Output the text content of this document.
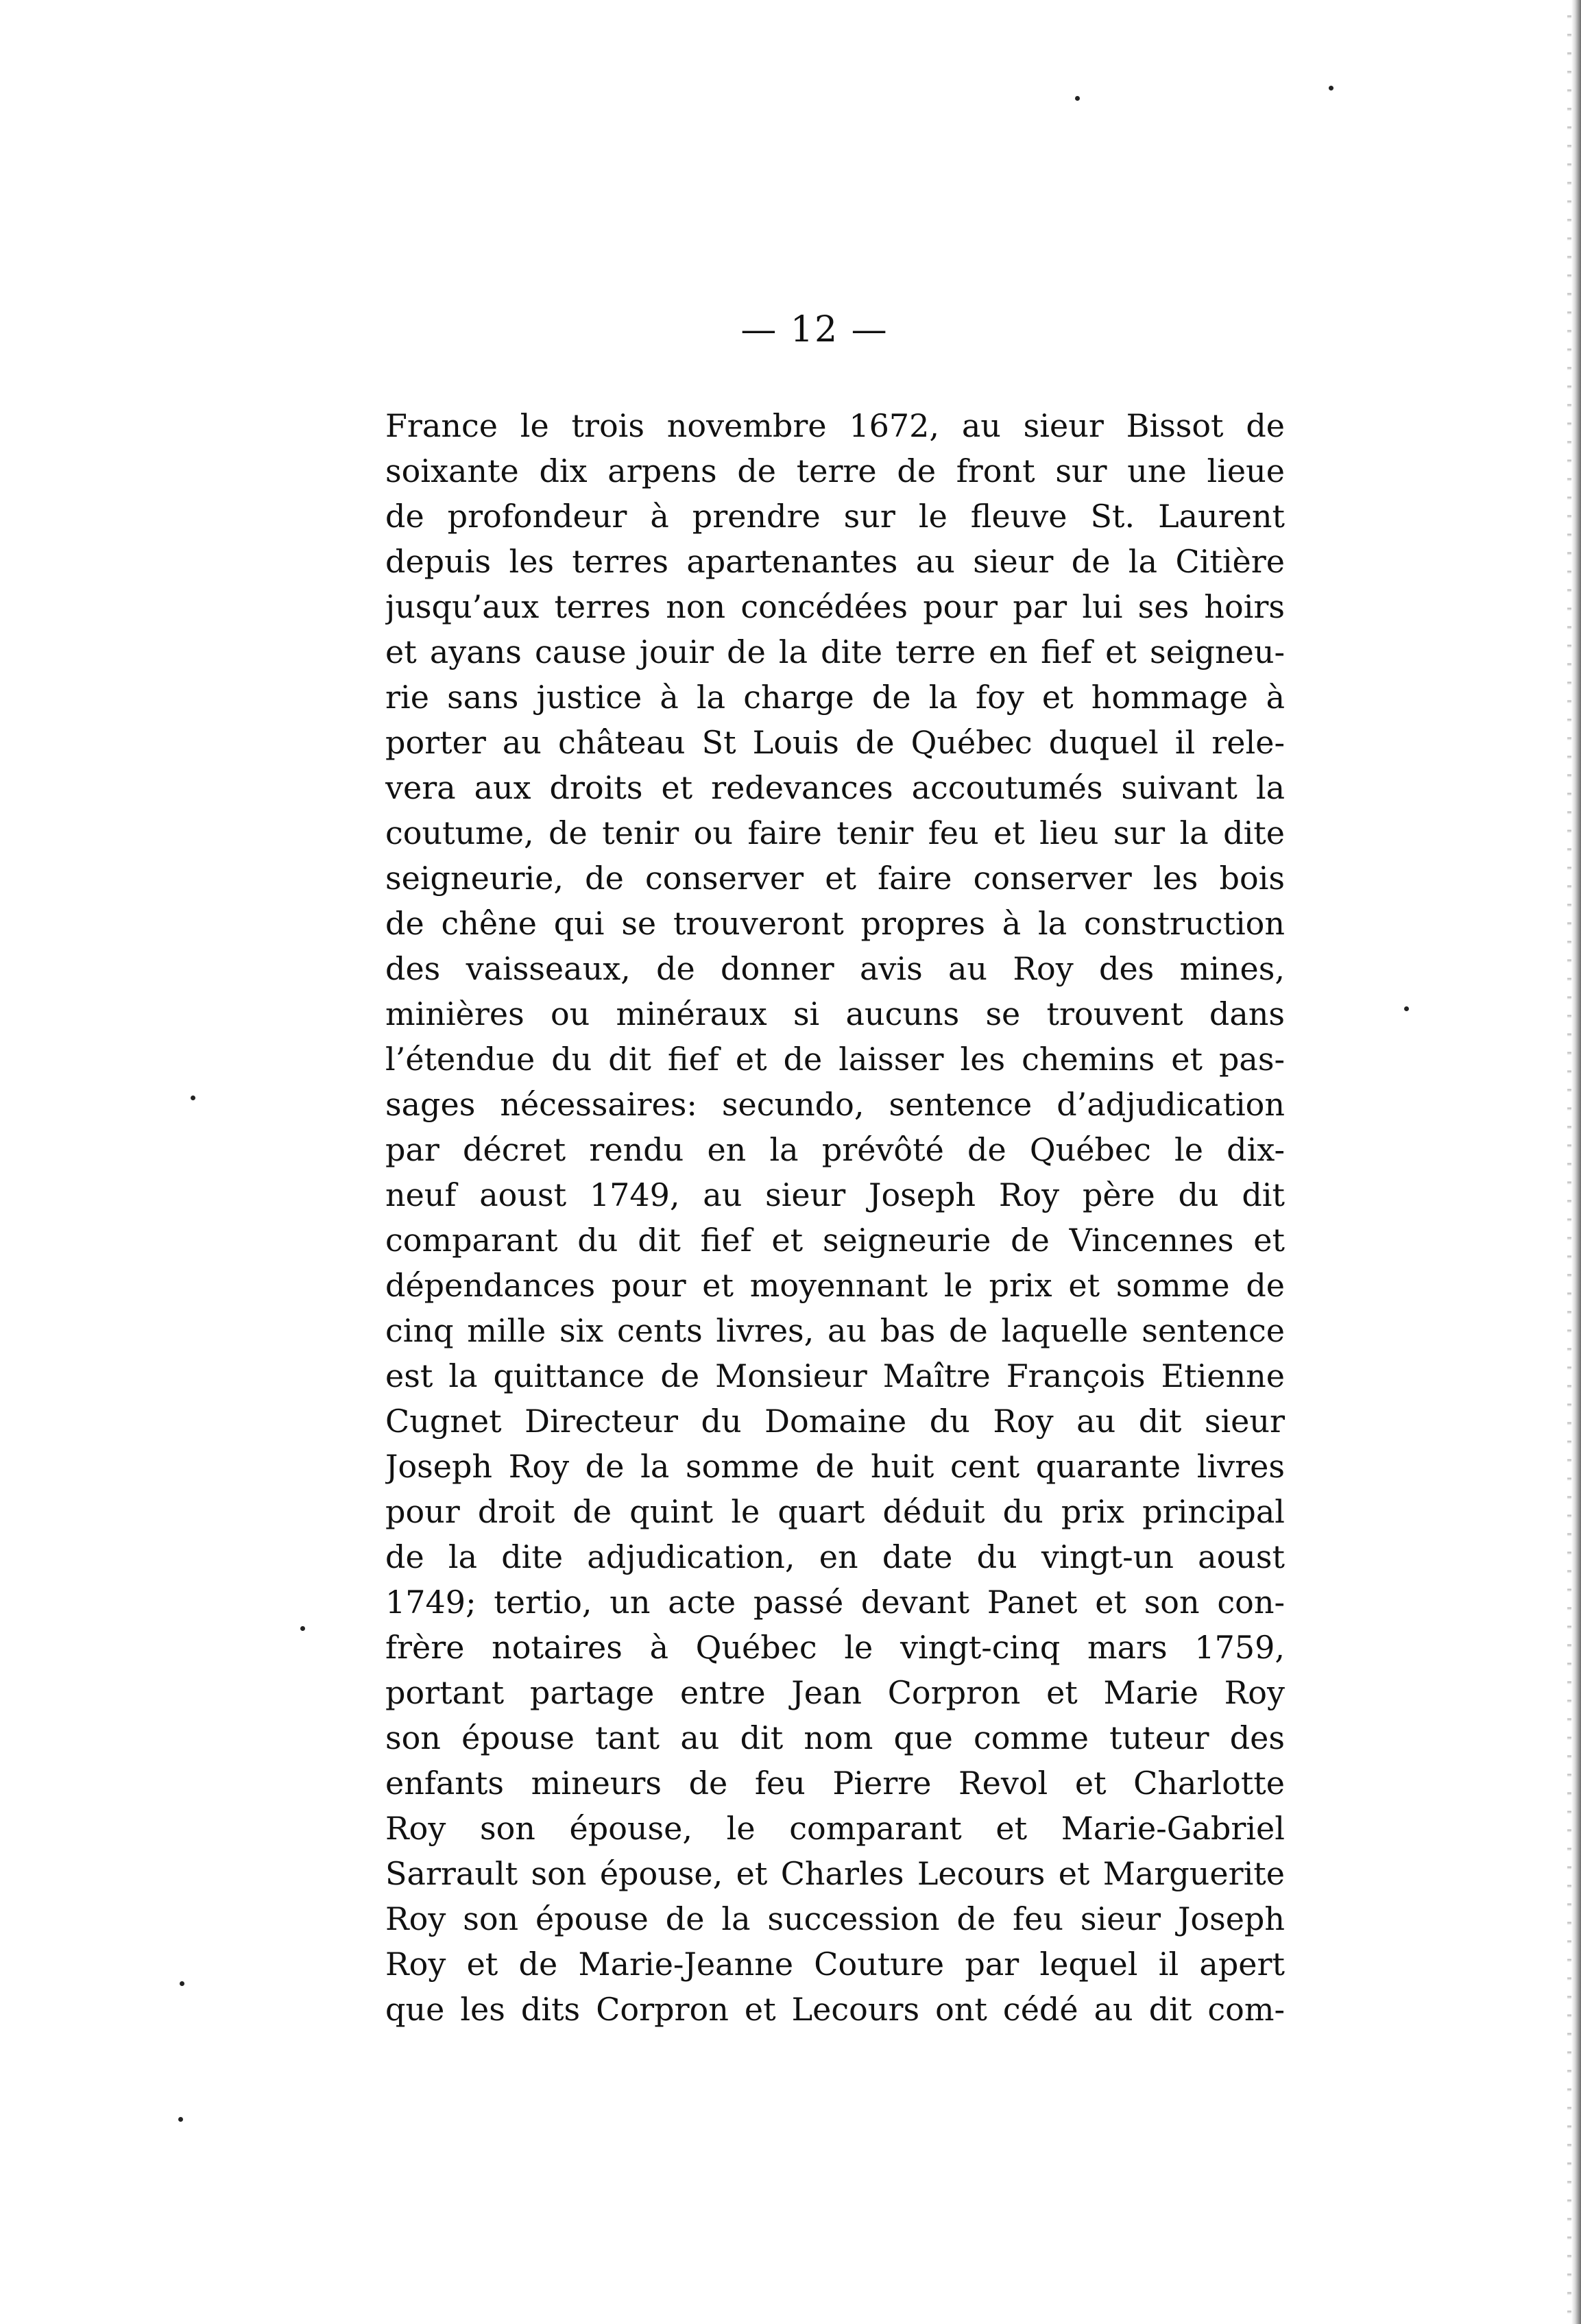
— 12 —
France le trois novembre 1672, au sieur Bissot de
soixante dix arpens de terre de front sur une lieue
de profondeur à prendre sur le fleuve St. Laurent
depuis les terres apartenantes au sieur de la Citière
jusqu’aux terres non concédées pour par lui ses hoirs
et ayans cause jouir de la dite terre en fief et seigneu-
rie sans justice à la charge de la foy et hommage à
porter au château St Louis de Québec duquel il rele-
vera aux droits et redevances accoutumés suivant la
coutume, de tenir ou faire tenir feu et lieu sur la dite
seigneurie, de conserver et faire conserver les bois
de chêne qui se trouveront propres à la construction
des vaisseaux, de donner avis au Roy des mines,
minières ou minéraux si aucuns se trouvent dans
l’étendue du dit fief et de laisser les chemins et pas-
sages nécessaires: secundo, sentence d’adjudication
par décret rendu en la prévôté de Québec le dix-
neuf aoust 1749, au sieur Joseph Roy père du dit
comparant du dit fief et seigneurie de Vincennes et
dépendances pour et moyennant le prix et somme de
cinq mille six cents livres, au bas de laquelle sentence
est la quittance de Monsieur Maître François Etienne
Cugnet Directeur du Domaine du Roy au dit sieur
Joseph Roy de la somme de huit cent quarante livres
pour droit de quint le quart déduit du prix principal
de la dite adjudication, en date du vingt-un aoust
1749; tertio, un acte passé devant Panet et son con-
frère notaires à Québec le vingt-cinq mars 1759,
portant partage entre Jean Corpron et Marie Roy
son épouse tant au dit nom que comme tuteur des
enfants mineurs de feu Pierre Revol et Charlotte
Roy son épouse, le comparant et Marie-Gabriel
Sarrault son épouse, et Charles Lecours et Marguerite
Roy son épouse de la succession de feu sieur Joseph
Roy et de Marie-Jeanne Couture par lequel il apert
que les dits Corpron et Lecours ont cédé au dit com-
